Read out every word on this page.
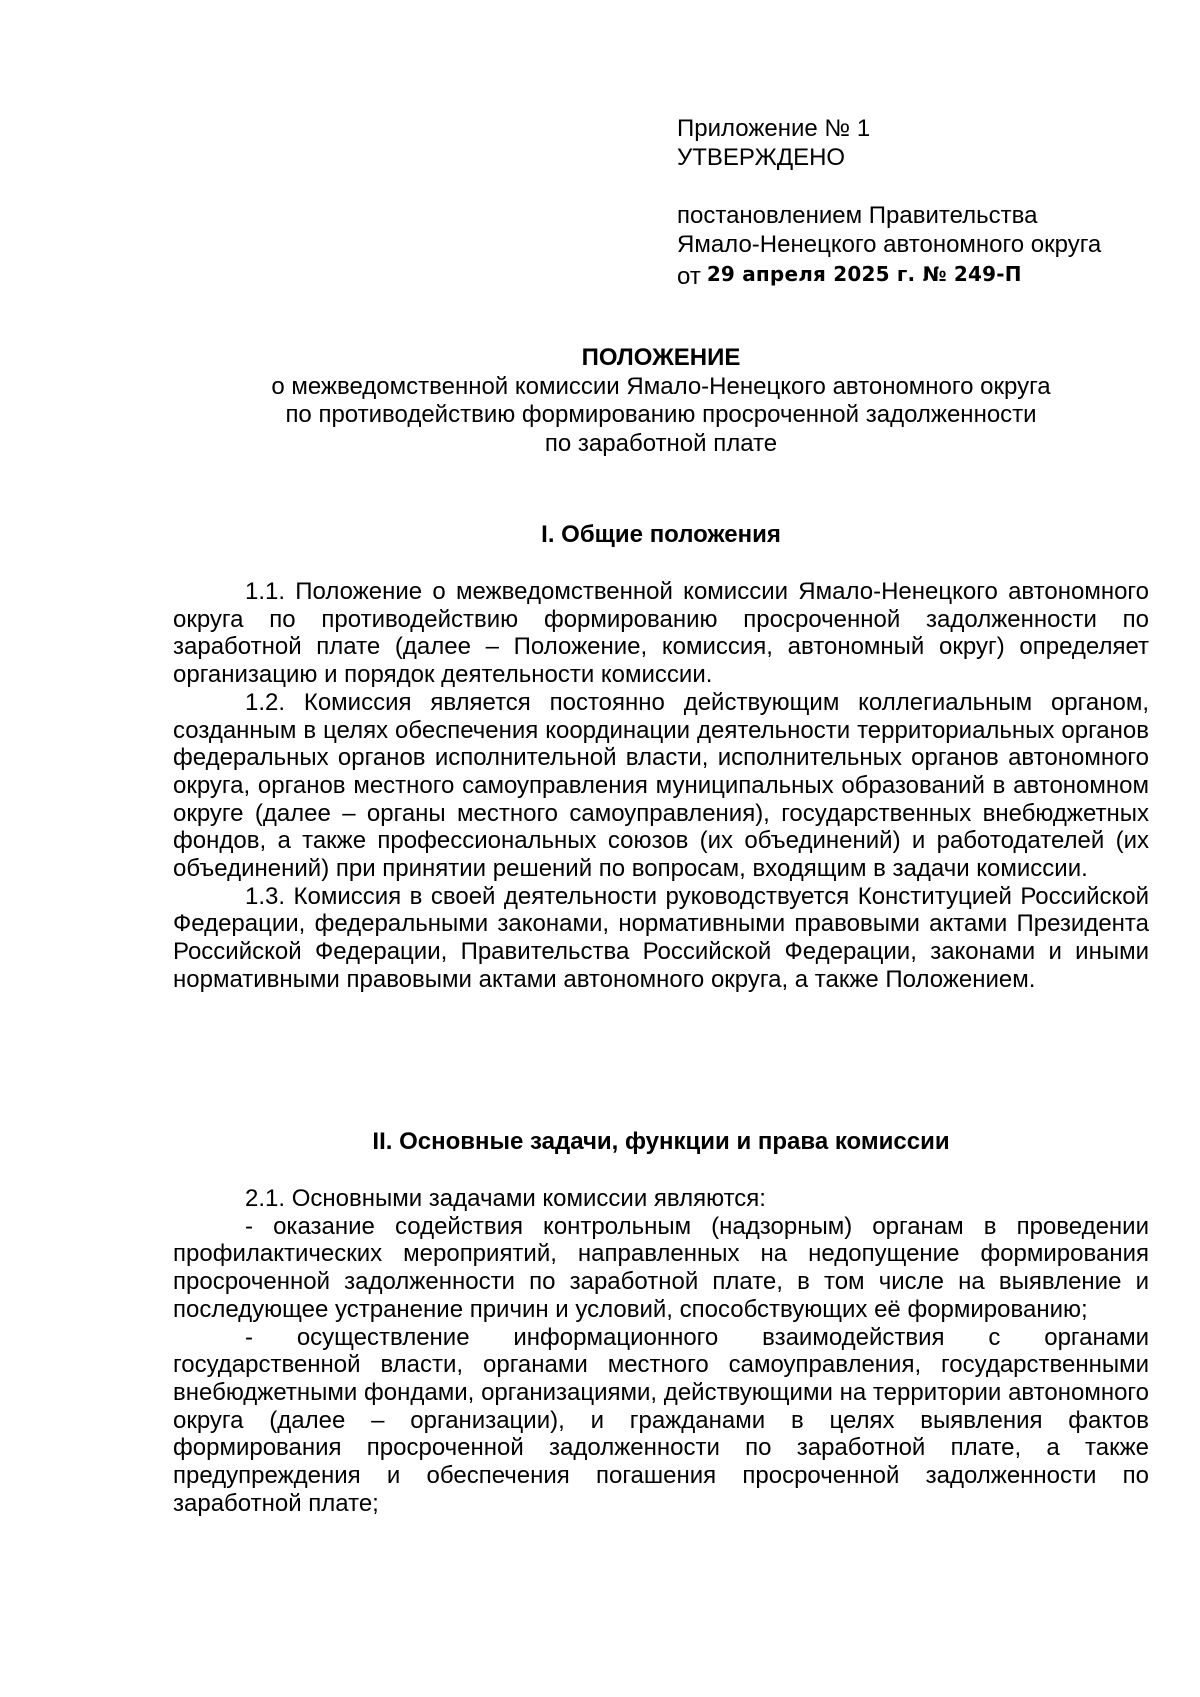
Приложение № 1
УТВЕРЖДЕНО
постановлением Правительства
Ямало-Ненецкого автономного округа
от 29 апреля 2025 г. № 249-П
ПОЛОЖЕНИЕ
о межведомственной комиссии Ямало-Ненецкого автономного округа
по противодействию формированию просроченной задолженности
по заработной плате
I. Общие положения

1.1. Положение о межведомственной комиссии Ямало-Ненецкого автономного округа по противодействию формированию просроченной задолженности по заработной плате (далее – Положение, комиссия, автономный округ) определяет организацию и порядок деятельности комиссии.

1.2. Комиссия является постоянно действующим коллегиальным органом, созданным в целях обеспечения координации деятельности территориальных органов федеральных органов исполнительной власти, исполнительных органов автономного округа, органов местного самоуправления муниципальных образований в автономном округе (далее – органы местного самоуправления), государственных внебюджетных фондов, а также профессиональных союзов (их объединений) и работодателей (их объединений) при принятии решений по вопросам, входящим в задачи комиссии.

1.3. Комиссия в своей деятельности руководствуется Конституцией Российской Федерации, федеральными законами, нормативными правовыми актами Президента Российской Федерации, Правительства Российской Федерации, законами и иными нормативными правовыми актами автономного округа, а также Положением.

II. Основные задачи, функции и права комиссии

2.1. Основными задачами комиссии являются:

- оказание содействия контрольным (надзорным) органам в проведении профилактических мероприятий, направленных на недопущение формирования просроченной задолженности по заработной плате, в том числе на выявление и последующее устранение причин и условий, способствующих её формированию;

- осуществление информационного взаимодействия с органами государственной власти, органами местного самоуправления, государственными внебюджетными фондами, организациями, действующими на территории автономного округа (далее – организации), и гражданами в целях выявления фактов формирования просроченной задолженности по заработной плате, а также предупреждения и обеспечения погашения просроченной задолженности по заработной плате;
